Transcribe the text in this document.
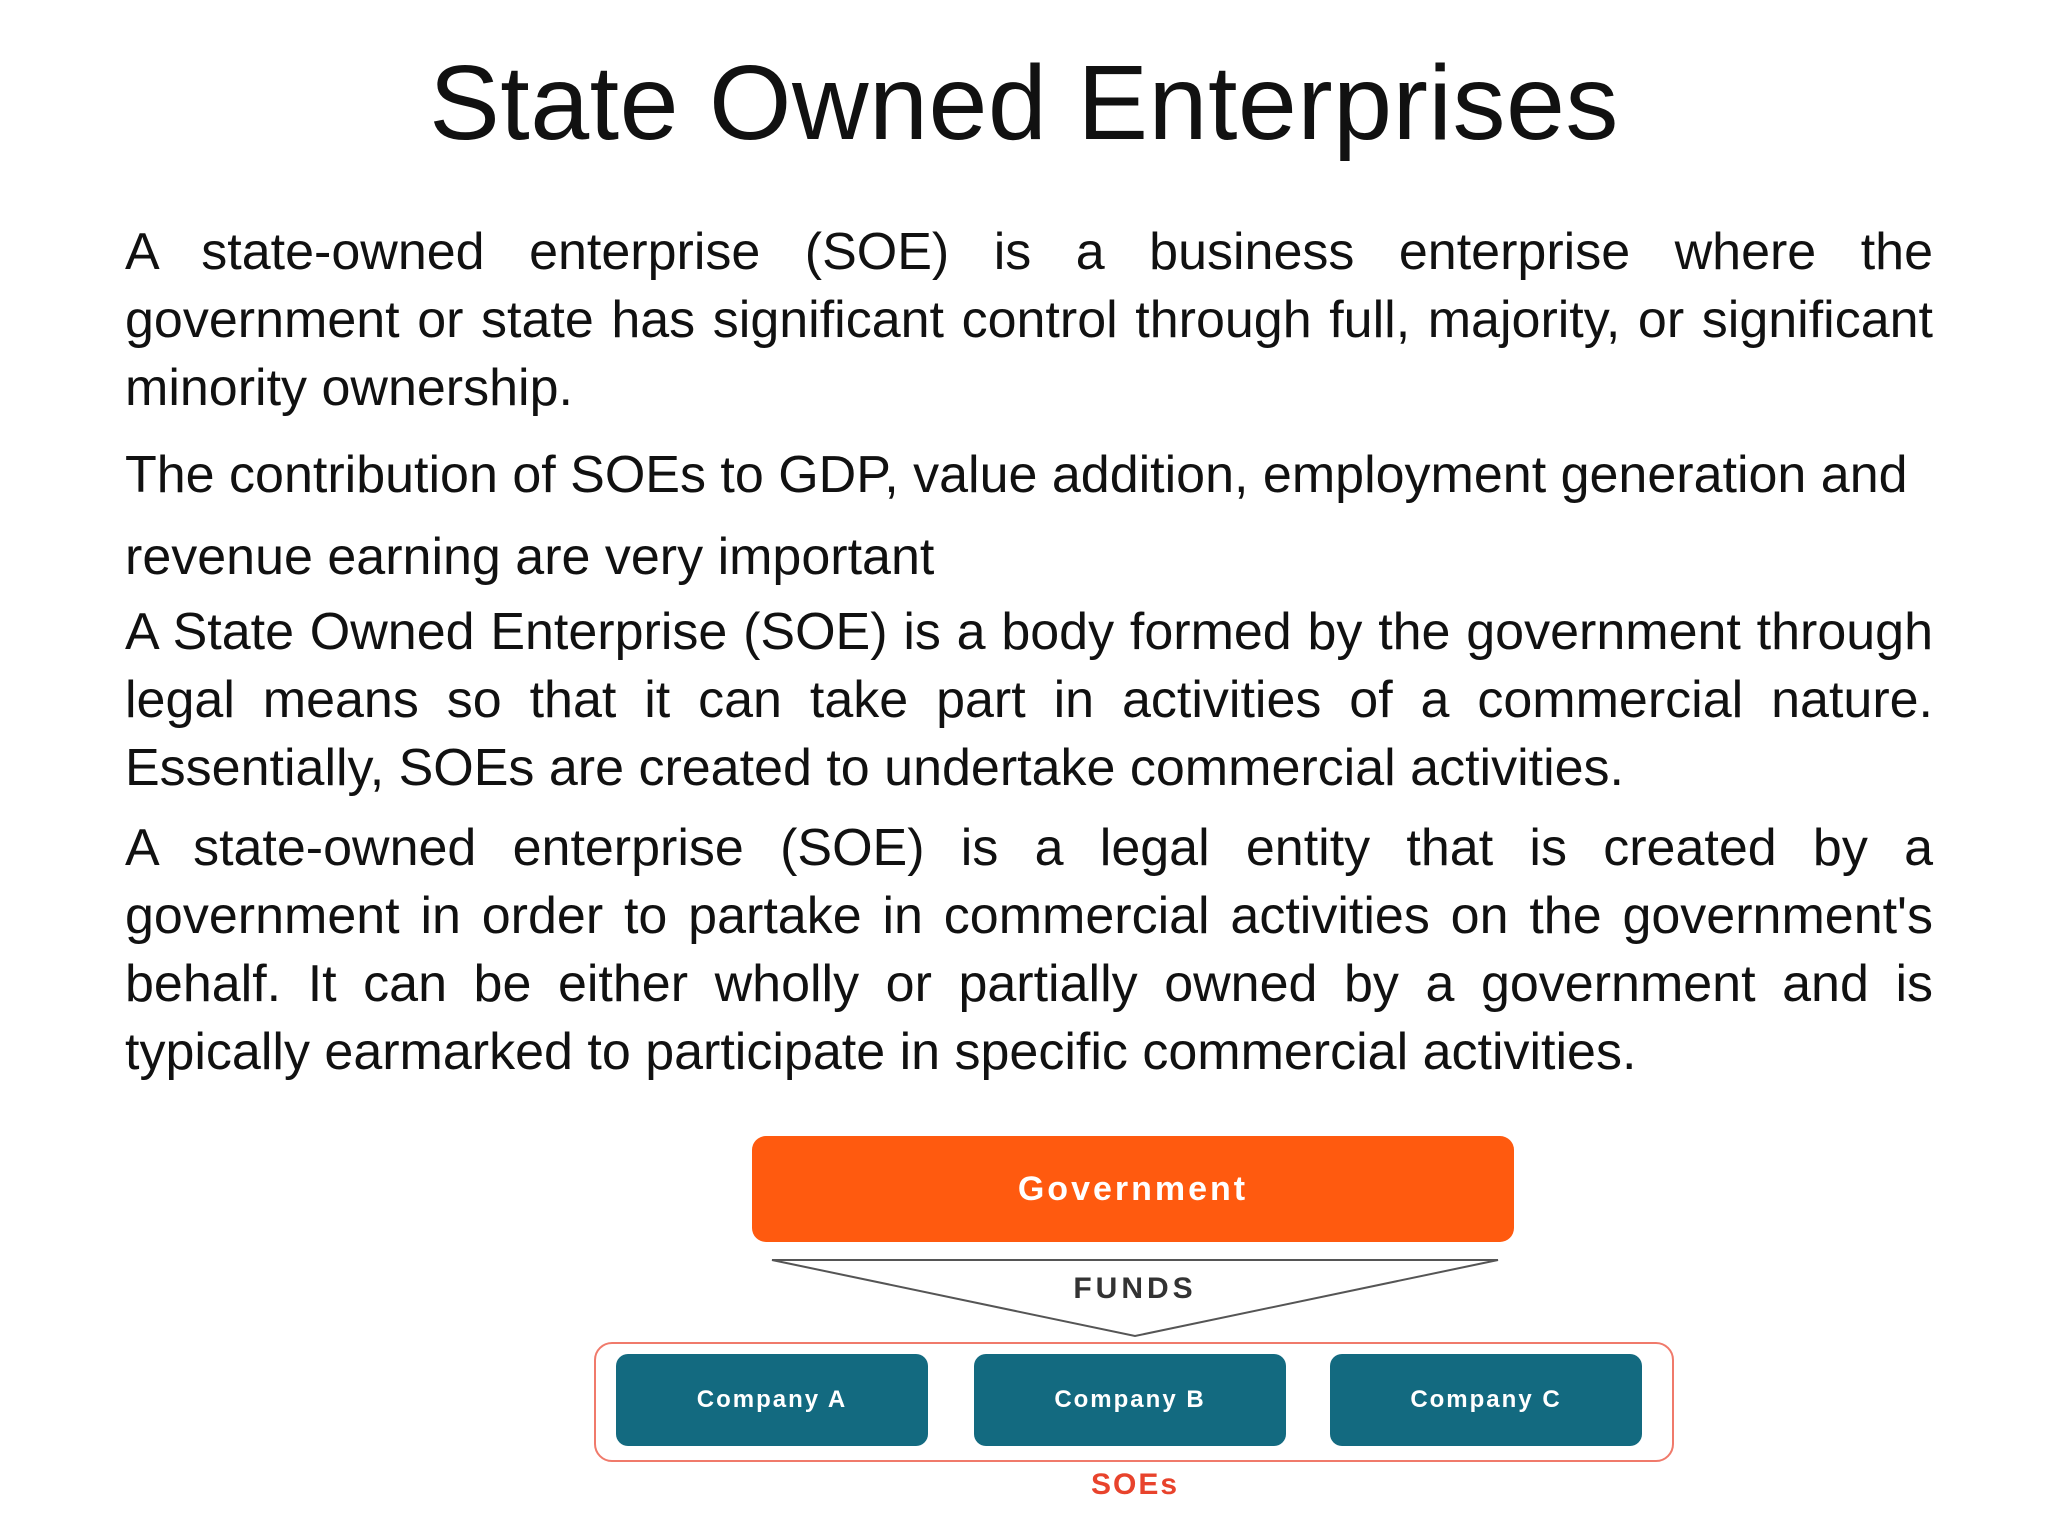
State Owned Enterprises

A state-owned enterprise (SOE) is a business enterprise where the government or state has significant control through full, majority, or significant minority ownership.

The contribution of SOEs to GDP, value addition, employment generation and revenue earning are very important

A State Owned Enterprise (SOE) is a body formed by the government through legal means so that it can take part in activities of a commercial nature. Essentially, SOEs are created to undertake commercial activities.

A state-owned enterprise (SOE) is a legal entity that is created by a government in order to partake in commercial activities on the government's behalf. It can be either wholly or partially owned by a government and is typically earmarked to participate in specific commercial activities.

Government
FUNDS
Company A	Company B	Company C
SOEs
